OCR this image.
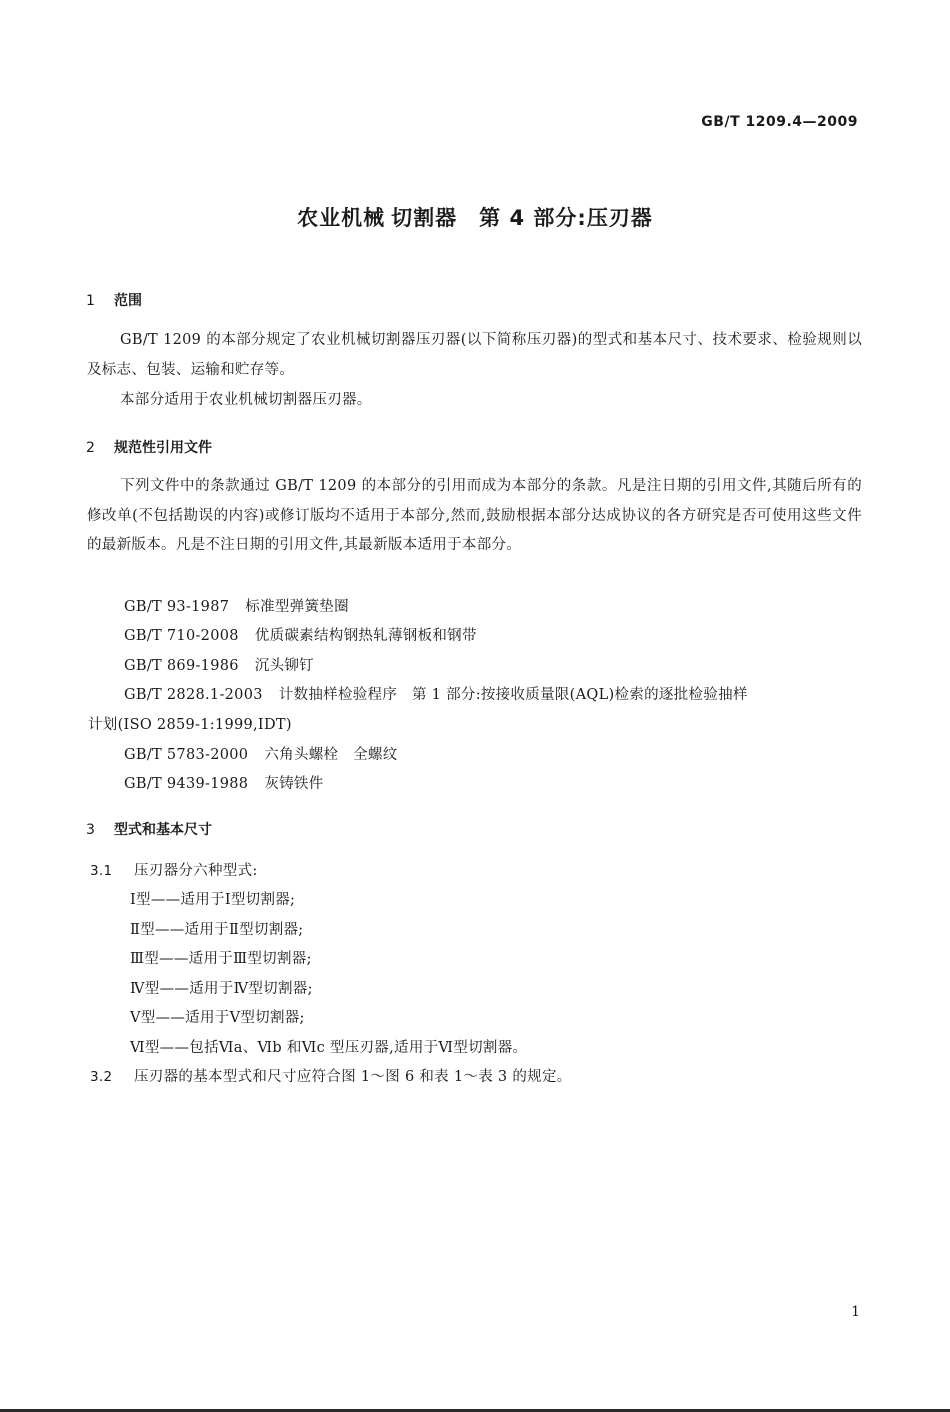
GB/T 1209.4—2009
农业机械 切割器 第 4 部分:压刃器
1 范围
GB/T 1209 的本部分规定了农业机械切割器压刃器(以下简称压刃器)的型式和基本尺寸、技术要求、检验规则以及标志、包装、运输和贮存等。
本部分适用于农业机械切割器压刃器。
2 规范性引用文件
下列文件中的条款通过 GB/T 1209 的本部分的引用而成为本部分的条款。凡是注日期的引用文件,其随后所有的修改单(不包括勘误的内容)或修订版均不适用于本部分,然而,鼓励根据本部分达成协议的各方研究是否可使用这些文件的最新版本。凡是不注日期的引用文件,其最新版本适用于本部分。
GB/T 93-1987 标准型弹簧垫圈
GB/T 710-2008 优质碳素结构钢热轧薄钢板和钢带
GB/T 869-1986 沉头铆钉
GB/T 2828.1-2003 计数抽样检验程序　第 1 部分:按接收质量限(AQL)检索的逐批检验抽样
计划(ISO 2859-1:1999,IDT)
GB/T 5783-2000 六角头螺栓　全螺纹
GB/T 9439-1988 灰铸铁件
3 型式和基本尺寸
3.1 压刃器分六种型式:
Ⅰ型——适用于Ⅰ型切割器;
Ⅱ型——适用于Ⅱ型切割器;
Ⅲ型——适用于Ⅲ型切割器;
Ⅳ型——适用于Ⅳ型切割器;
Ⅴ型——适用于Ⅴ型切割器;
Ⅵ型——包括Ⅵa、Ⅵb 和Ⅵc 型压刃器,适用于Ⅵ型切割器。
3.2 压刃器的基本型式和尺寸应符合图 1～图 6 和表 1～表 3 的规定。
1
